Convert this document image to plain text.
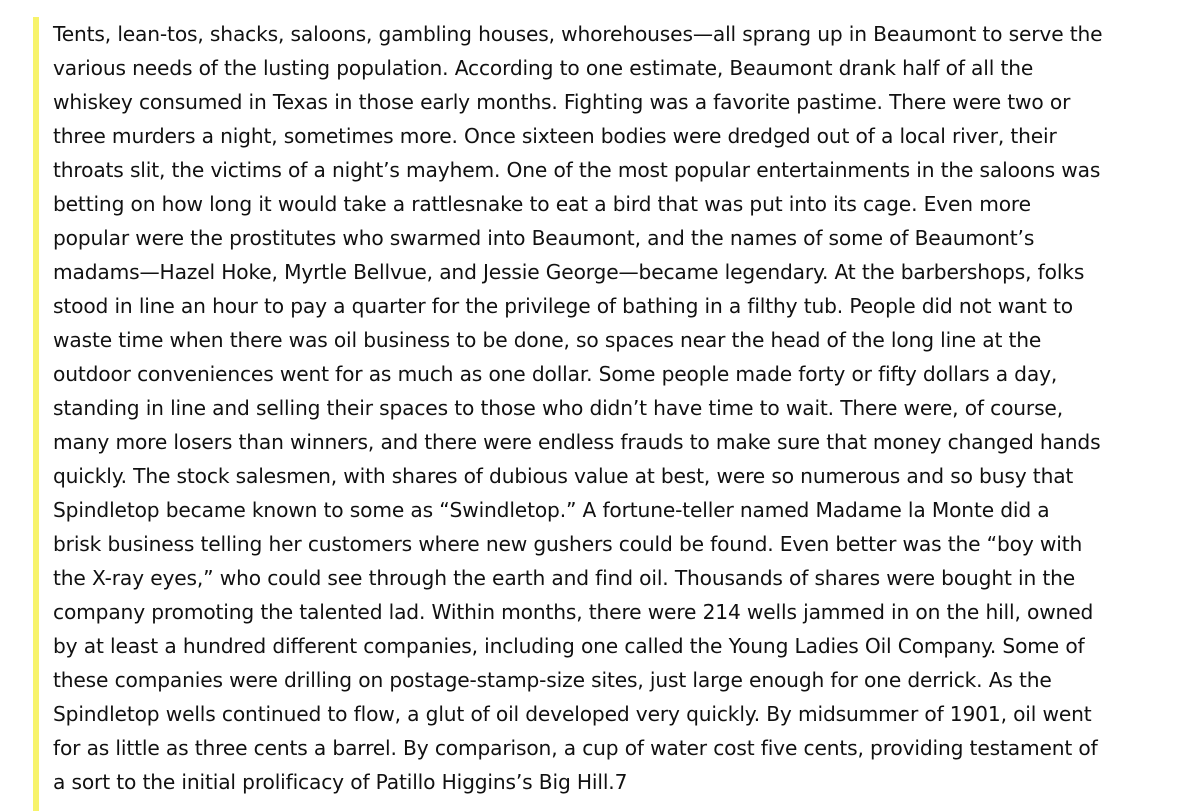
Tents, lean-tos, shacks, saloons, gambling houses, whorehouses—all sprang up in Beaumont to serve the
various needs of the lusting population. According to one estimate, Beaumont drank half of all the
whiskey consumed in Texas in those early months. Fighting was a favorite pastime. There were two or
three murders a night, sometimes more. Once sixteen bodies were dredged out of a local river, their
throats slit, the victims of a night’s mayhem. One of the most popular entertainments in the saloons was
betting on how long it would take a rattlesnake to eat a bird that was put into its cage. Even more
popular were the prostitutes who swarmed into Beaumont, and the names of some of Beaumont’s
madams—Hazel Hoke, Myrtle Bellvue, and Jessie George—became legendary. At the barbershops, folks
stood in line an hour to pay a quarter for the privilege of bathing in a filthy tub. People did not want to
waste time when there was oil business to be done, so spaces near the head of the long line at the
outdoor conveniences went for as much as one dollar. Some people made forty or fifty dollars a day,
standing in line and selling their spaces to those who didn’t have time to wait. There were, of course,
many more losers than winners, and there were endless frauds to make sure that money changed hands
quickly. The stock salesmen, with shares of dubious value at best, were so numerous and so busy that
Spindletop became known to some as “Swindletop.” A fortune-teller named Madame la Monte did a
brisk business telling her customers where new gushers could be found. Even better was the “boy with
the X-ray eyes,” who could see through the earth and find oil. Thousands of shares were bought in the
company promoting the talented lad. Within months, there were 214 wells jammed in on the hill, owned
by at least a hundred different companies, including one called the Young Ladies Oil Company. Some of
these companies were drilling on postage-stamp-size sites, just large enough for one derrick. As the
Spindletop wells continued to flow, a glut of oil developed very quickly. By midsummer of 1901, oil went
for as little as three cents a barrel. By comparison, a cup of water cost five cents, providing testament of
a sort to the initial prolificacy of Patillo Higgins’s Big Hill.7
